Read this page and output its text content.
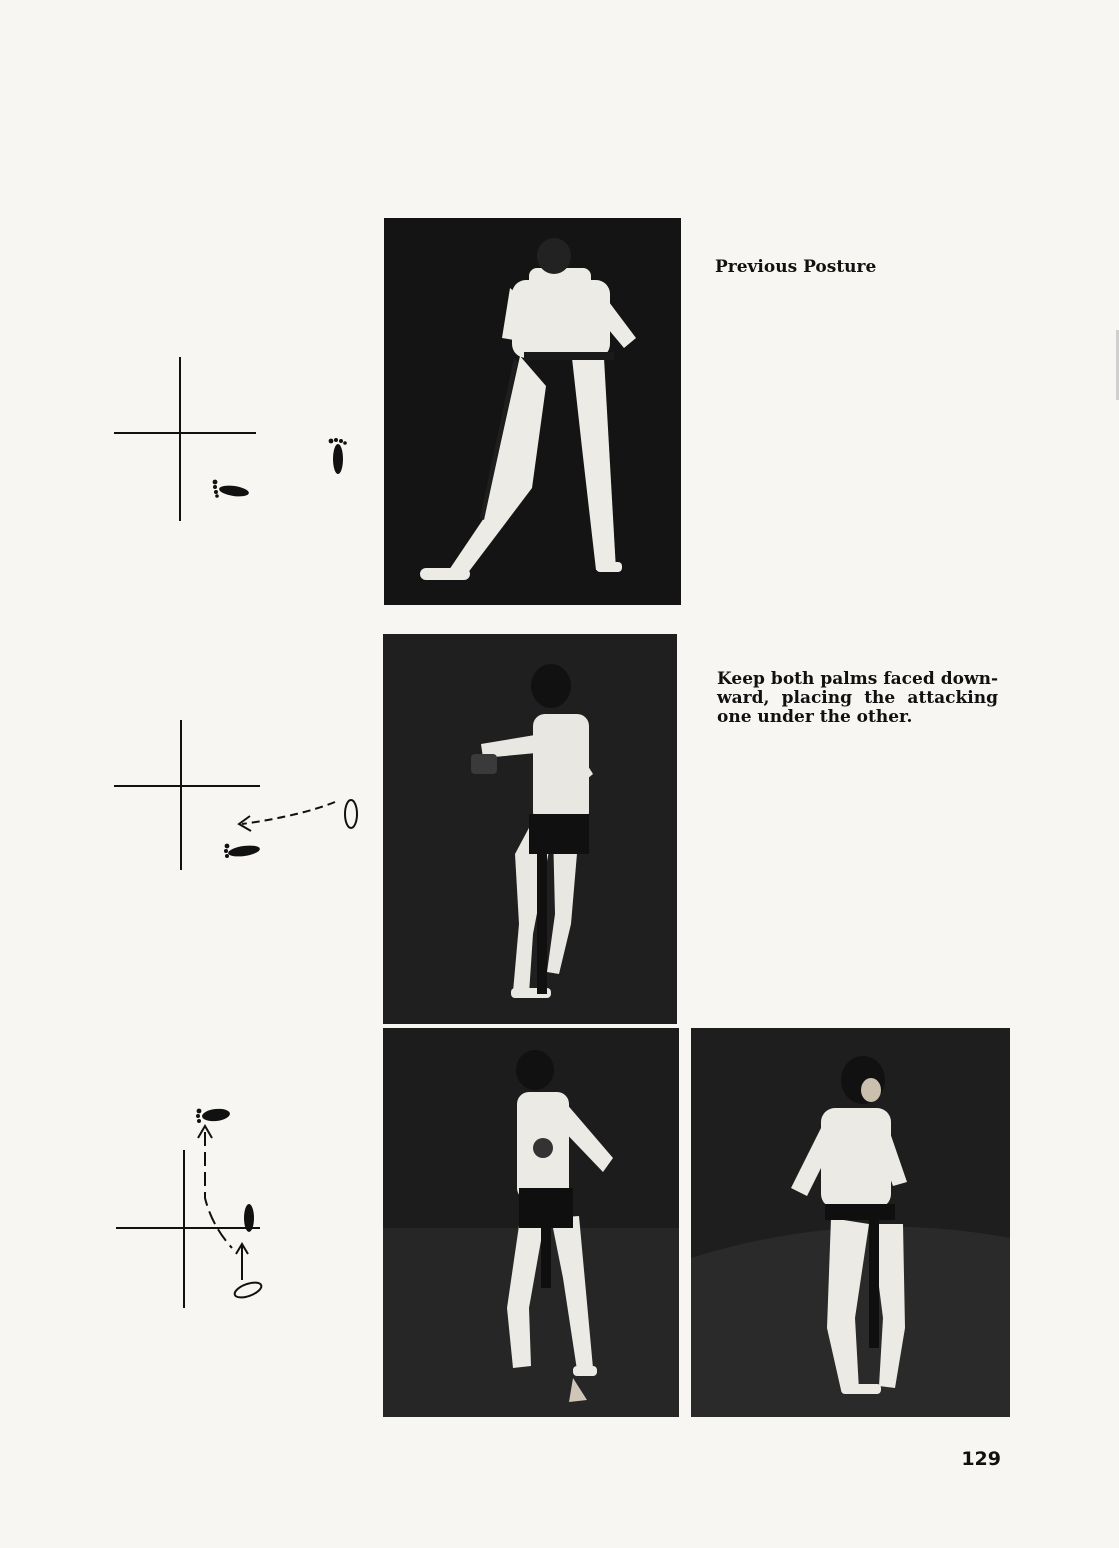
Previous Posture
Keep both palms faced down-ward, placing the attacking one under the other.
129
